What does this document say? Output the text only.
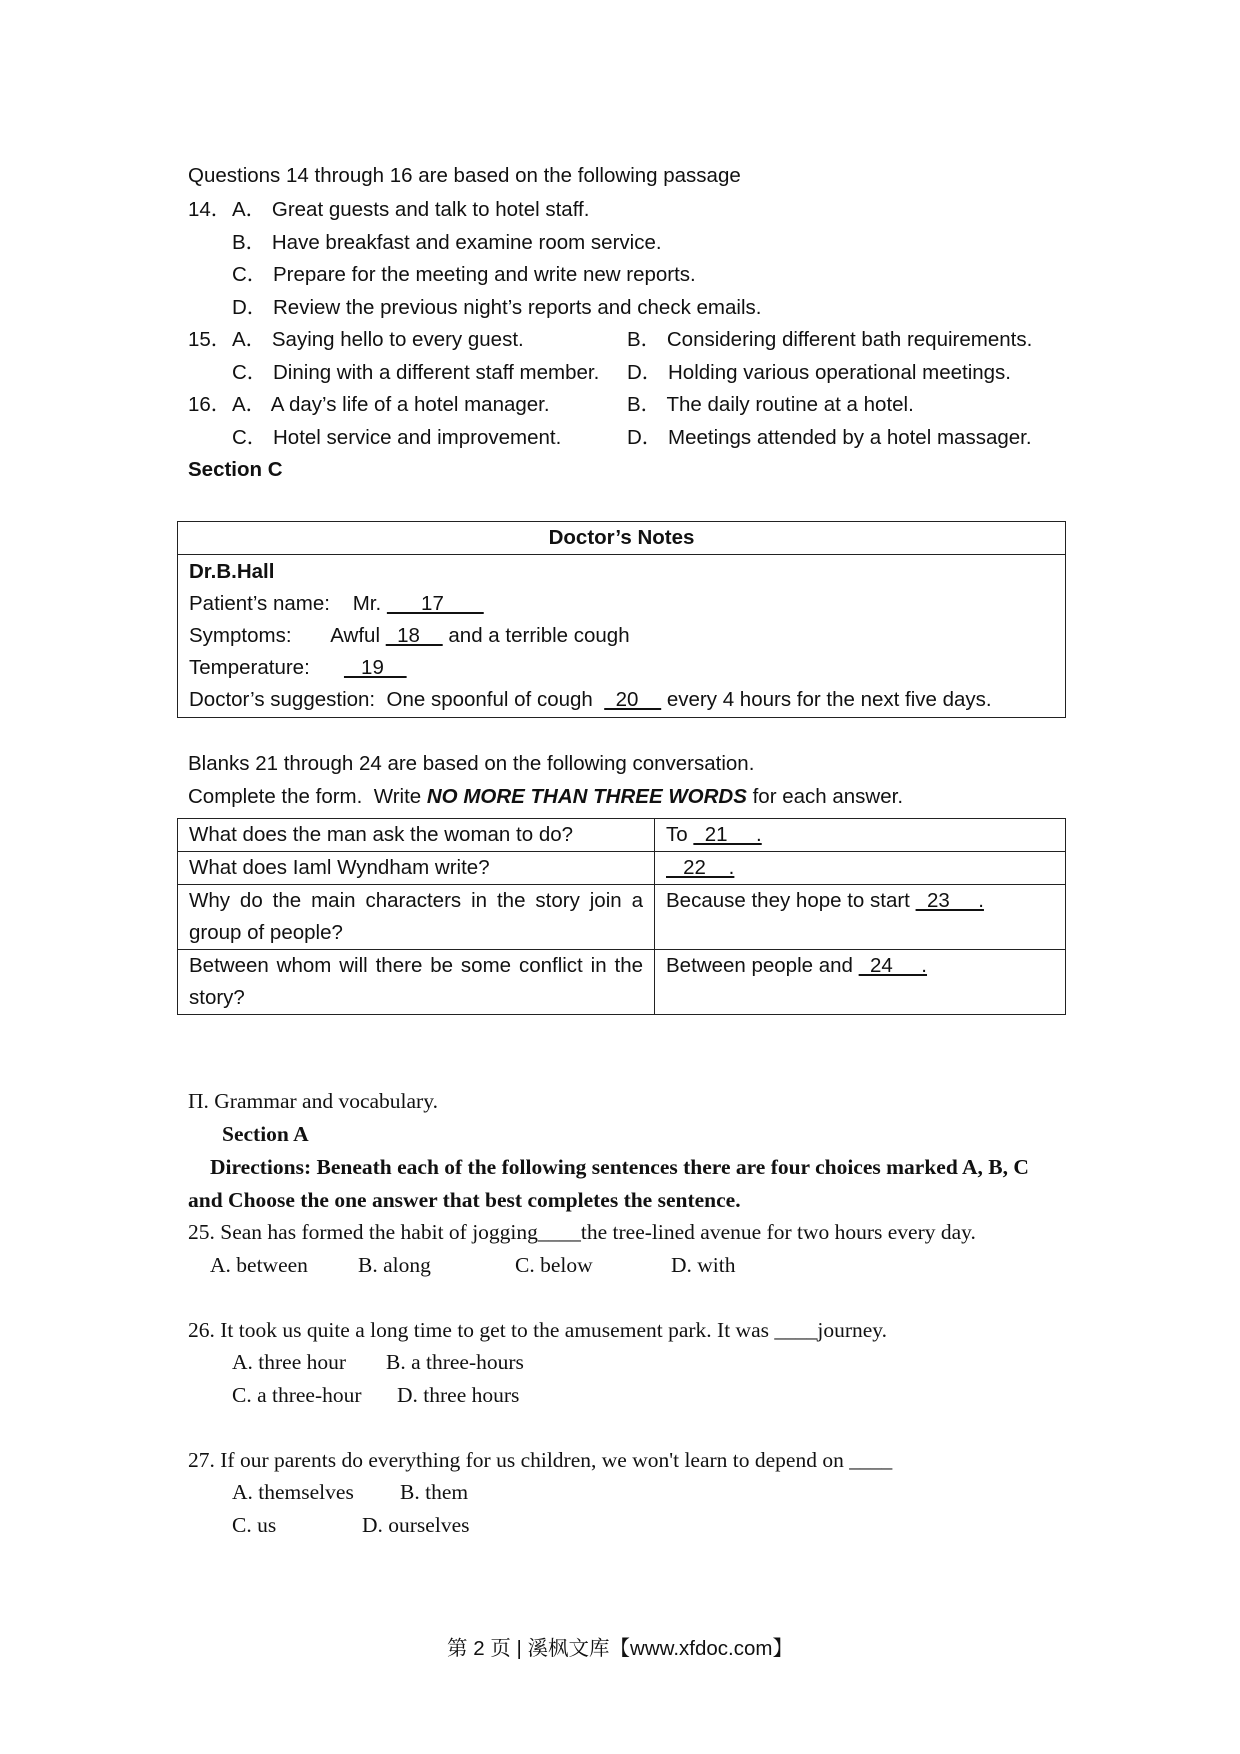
Questions 14 through 16 are based on the following passage
14． A． Great guests and talk to hotel staff.
B． Have breakfast and examine room service.
C． Prepare for the meeting and write new reports.
D． Review the previous night’s reports and check emails.
15． A． Saying hello to every guest.	B． Considering different bath requirements.
C． Dining with a different staff member. D． Holding various operational meetings.
16． A． A day’s life of a hotel manager.	B． The daily routine at a hotel.
C． Hotel service and improvement.	D． Meetings attended by a hotel massager.
Section C
Doctor’s Notes

Dr.B.Hall
Patient’s name:    Mr.       17
Symptoms:       Awful   18     and a terrible cough
Temperature:         19
Doctor’s suggestion:  One spoonful of cough    20     every 4 hours for the next five days.
Blanks 21 through 24 are based on the following conversation.
Complete the form.  Write NO MORE THAN THREE WORDS for each answer.
What does the man ask the woman to do?	To   21     .
What does Iaml Wyndham write?	22    .
Why do the main characters in the story join a group of people?	Because they hope to start   23     .
Between whom will there be some conflict in the story?	Between people and   24     .
Π. Grammar and vocabulary.
Section A
Directions: Beneath each of the following sentences there are four choices marked A, B, C
and Choose the one answer that best completes the sentence.
25. Sean has formed the habit of jogging____the tree-lined avenue for two hours every day.
A. between B. along	C. below	D. with
26. It took us quite a long time to get to the amusement park. It was ____journey.
A. three hour B. a three-hours
C. a three-hour D. three hours
27. If our parents do everything for us children, we won't learn to depend on ____
A. themselves B. them
C. us	D. ourselves
第 2 页 | 溪枫文库【www.xfdoc.com】
